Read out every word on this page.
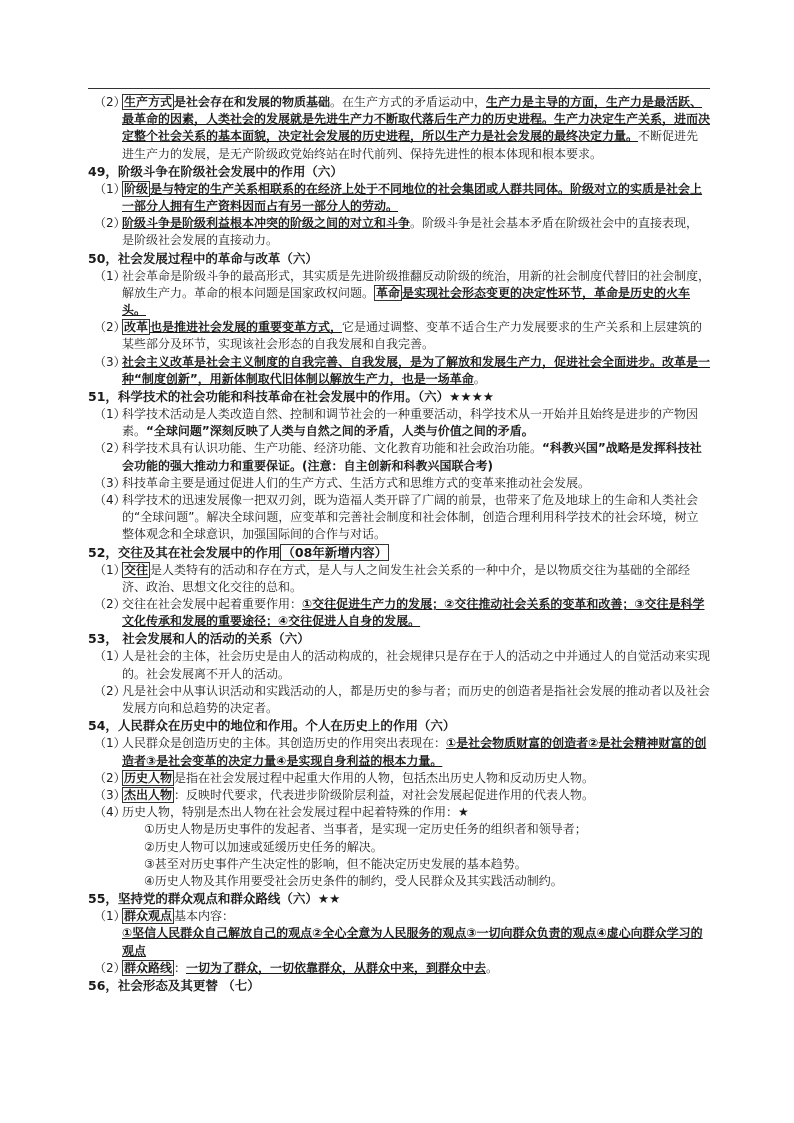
（2）
生产方式 是社会存在和发展的物质基础。在生产方式的矛盾运动中，生产力是主导的方面，生产力是最活跃、最革命的因素，人类社会的发展就是先进生产力不断取代落后生产力的历史进程。生产力决定生产关系，进而决定整个社会关系的基本面貌，决定社会发展的历史进程，所以生产力是社会发展的最终决定力量。不断促进先进生产力的发展，是无产阶级政党始终站在时代前列、保持先进性的根本体现和根本要求。
49，阶级斗争在阶级社会发展中的作用（六）
（1）
阶级 是与特定的生产关系相联系的在经济上处于不同地位的社会集团或人群共同体。阶级对立的实质是社会上一部分人拥有生产资料因而占有另一部分人的劳动。
（2）
阶级斗争是阶级利益根本冲突的阶级之间的对立和斗争。阶级斗争是社会基本矛盾在阶级社会中的直接表现，是阶级社会发展的直接动力。
50，社会发展过程中的革命与改革（六）
（1）
社会革命是阶级斗争的最高形式，其实质是先进阶级推翻反动阶级的统治，用新的社会制度代替旧的社会制度，解放生产力。革命的根本问题是国家政权问题。 革命 是实现社会形态变更的决定性环节，革命是历史的火车头。
（2）
改革 也是推进社会发展的重要变革方式，它是通过调整、变革不适合生产力发展要求的生产关系和上层建筑的某些部分及环节，实现该社会形态的自我发展和自我完善。
（3）
社会主义改革是社会主义制度的自我完善、自我发展，是为了解放和发展生产力，促进社会全面进步。改革是一种“制度创新”，用新体制取代旧体制以解放生产力，也是一场革命。
51，科学技术的社会功能和科技革命在社会发展中的作用。（六）★★★★
（1）
科学技术活动是人类改造自然、控制和调节社会的一种重要活动，科学技术从一开始并且始终是进步的产物因素。“全球问题”深刻反映了人类与自然之间的矛盾，人类与价值之间的矛盾。
（2）
科学技术具有认识功能、生产功能、经济功能、文化教育功能和社会政治功能。“科教兴国”战略是发挥科技社会功能的强大推动力和重要保证。(注意：自主创新和科教兴国联合考)
（3）
科技革命主要是通过促进人们的生产方式、生活方式和思维方式的变革来推动社会发展。
（4）
科学技术的迅速发展像一把双刃剑，既为造福人类开辟了广阔的前景，也带来了危及地球上的生命和人类社会的“全球问题”。解决全球问题，应变革和完善社会制度和社会体制，创造合理利用科学技术的社会环境，树立整体观念和全球意识，加强国际间的合作与对话。
52，交往及其在社会发展中的作用 （08年新增内容）
（1）
交往 是人类特有的活动和存在方式，是人与人之间发生社会关系的一种中介，是以物质交往为基础的全部经济、政治、思想文化交往的总和。
（2）
交往在社会发展中起着重要作用：①交往促进生产力的发展；②交往推动社会关系的变革和改善；③交往是科学文化传承和发展的重要途径；④交往促进人自身的发展。
53， 社会发展和人的活动的关系（六）
（1）
人是社会的主体，社会历史是由人的活动构成的，社会规律只是存在于人的活动之中并通过人的自觉活动来实现的。社会发展离不开人的活动。
（2）
凡是社会中从事认识活动和实践活动的人，都是历史的参与者；而历史的创造者是指社会发展的推动者以及社会发展方向和总趋势的决定者。
54，人民群众在历史中的地位和作用。个人在历史上的作用（六）
（1）
人民群众是创造历史的主体。其创造历史的作用突出表现在：①是社会物质财富的创造者②是社会精神财富的创造者③是社会变革的决定力量④是实现自身利益的根本力量。
（2）
历史人物 是指在社会发展过程中起重大作用的人物，包括杰出历史人物和反动历史人物。
（3）
杰出人物 ：反映时代要求，代表进步阶级阶层利益，对社会发展起促进作用的代表人物。
（4）
历史人物，特别是杰出人物在社会发展过程中起着特殊的作用：★
①历史人物是历史事件的发起者、当事者，是实现一定历史任务的组织者和领导者；
②历史人物可以加速或延缓历史任务的解决。
③甚至对历史事件产生决定性的影响，但不能决定历史发展的基本趋势。
④历史人物及其作用要受社会历史条件的制约，受人民群众及其实践活动制约。
55，坚持党的群众观点和群众路线（六）★★
（1）
群众观点 基本内容：
①坚信人民群众自己解放自己的观点②全心全意为人民服务的观点③一切向群众负责的观点④虚心向群众学习的观点
（2）
群众路线 ：一切为了群众，一切依靠群众，从群众中来，到群众中去。
56，社会形态及其更替 （七）
